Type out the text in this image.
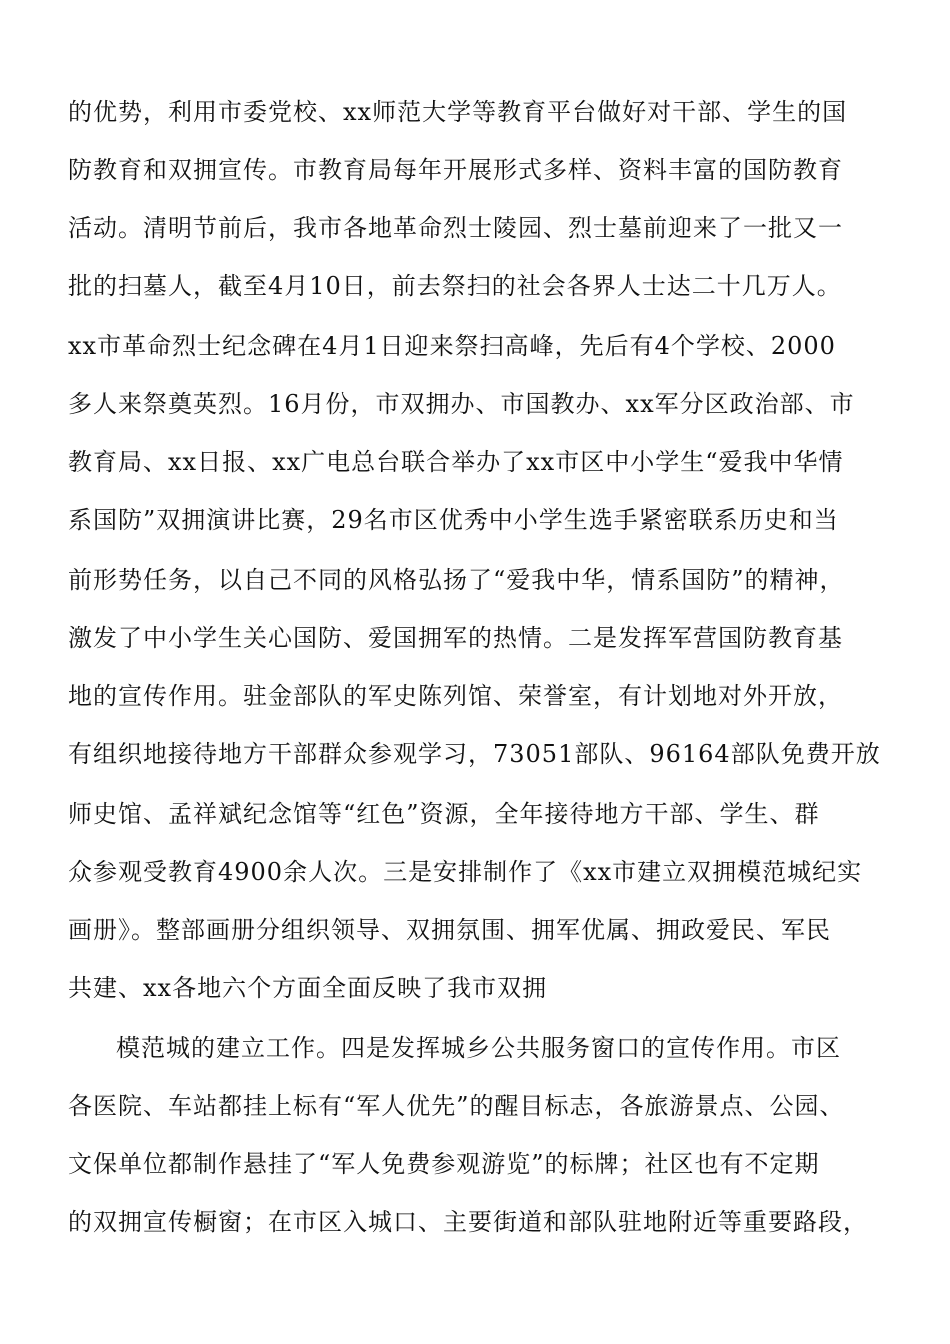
的优势，利用市委党校、xx师范大学等教育平台做好对干部、学生的国
防教育和双拥宣传。市教育局每年开展形式多样、资料丰富的国防教育
活动。清明节前后，我市各地革命烈士陵园、烈士墓前迎来了一批又一
批的扫墓人，截至4月10日，前去祭扫的社会各界人士达二十几万人。
xx市革命烈士纪念碑在4月1日迎来祭扫高峰，先后有4个学校、2000
多人来祭奠英烈。16月份，市双拥办、市国教办、xx军分区政治部、市
教育局、xx日报、xx广电总台联合举办了xx市区中小学生“爱我中华情
系国防”双拥演讲比赛，29名市区优秀中小学生选手紧密联系历史和当
前形势任务，以自己不同的风格弘扬了“爱我中华，情系国防”的精神，
激发了中小学生关心国防、爱国拥军的热情。二是发挥军营国防教育基
地的宣传作用。驻金部队的军史陈列馆、荣誉室，有计划地对外开放，
有组织地接待地方干部群众参观学习，73051部队、96164部队免费开放
师史馆、孟祥斌纪念馆等“红色”资源，全年接待地方干部、学生、群
众参观受教育4900余人次。三是安排制作了《xx市建立双拥模范城纪实
画册》。整部画册分组织领导、双拥氛围、拥军优属、拥政爱民、军民
共建、xx各地六个方面全面反映了我市双拥
模范城的建立工作。四是发挥城乡公共服务窗口的宣传作用。市区
各医院、车站都挂上标有“军人优先”的醒目标志，各旅游景点、公园、
文保单位都制作悬挂了“军人免费参观游览”的标牌；社区也有不定期
的双拥宣传橱窗；在市区入城口、主要街道和部队驻地附近等重要路段，
